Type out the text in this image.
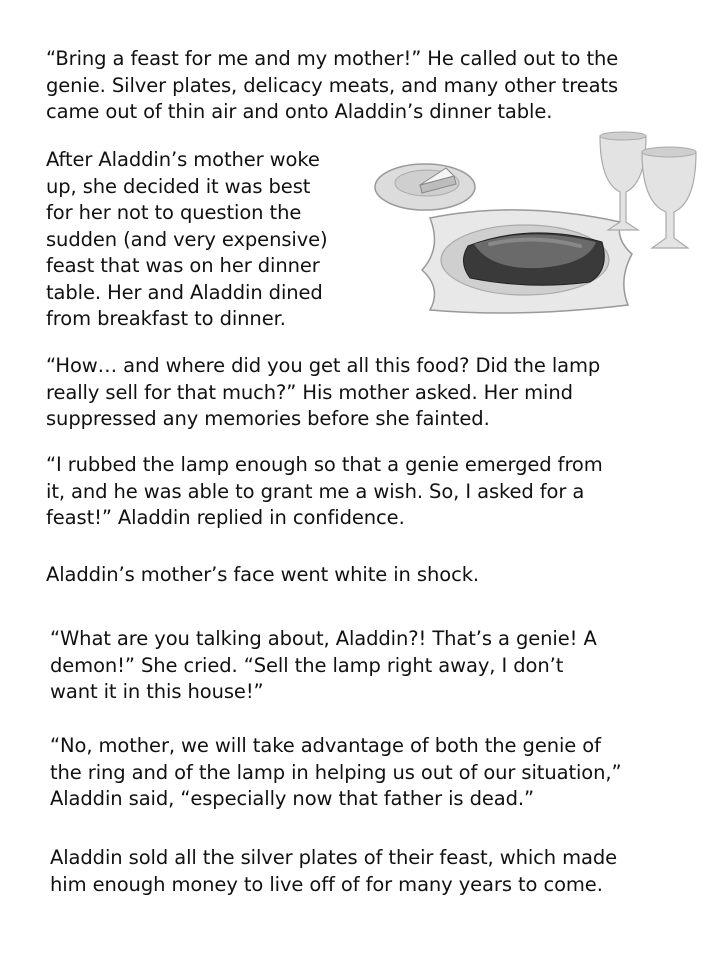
“Bring a feast for me and my mother!” He called out to the
genie. Silver plates, delicacy meats, and many other treats
came out of thin air and onto Aladdin’s dinner table.

After Aladdin’s mother woke
up, she decided it was best
for her not to question the
sudden (and very expensive)
feast that was on her dinner
table. Her and Aladdin dined
from breakfast to dinner.

“How… and where did you get all this food? Did the lamp
really sell for that much?” His mother asked. Her mind
suppressed any memories before she fainted.

“I rubbed the lamp enough so that a genie emerged from
it, and he was able to grant me a wish. So, I asked for a
feast!” Aladdin replied in confidence.

Aladdin’s mother’s face went white in shock.

“What are you talking about, Aladdin?! That’s a genie! A
demon!” She cried. “Sell the lamp right away, I don’t
want it in this house!”

“No, mother, we will take advantage of both the genie of
the ring and of the lamp in helping us out of our situation,”
Aladdin said, “especially now that father is dead.”

Aladdin sold all the silver plates of their feast, which made
him enough money to live off of for many years to come.
